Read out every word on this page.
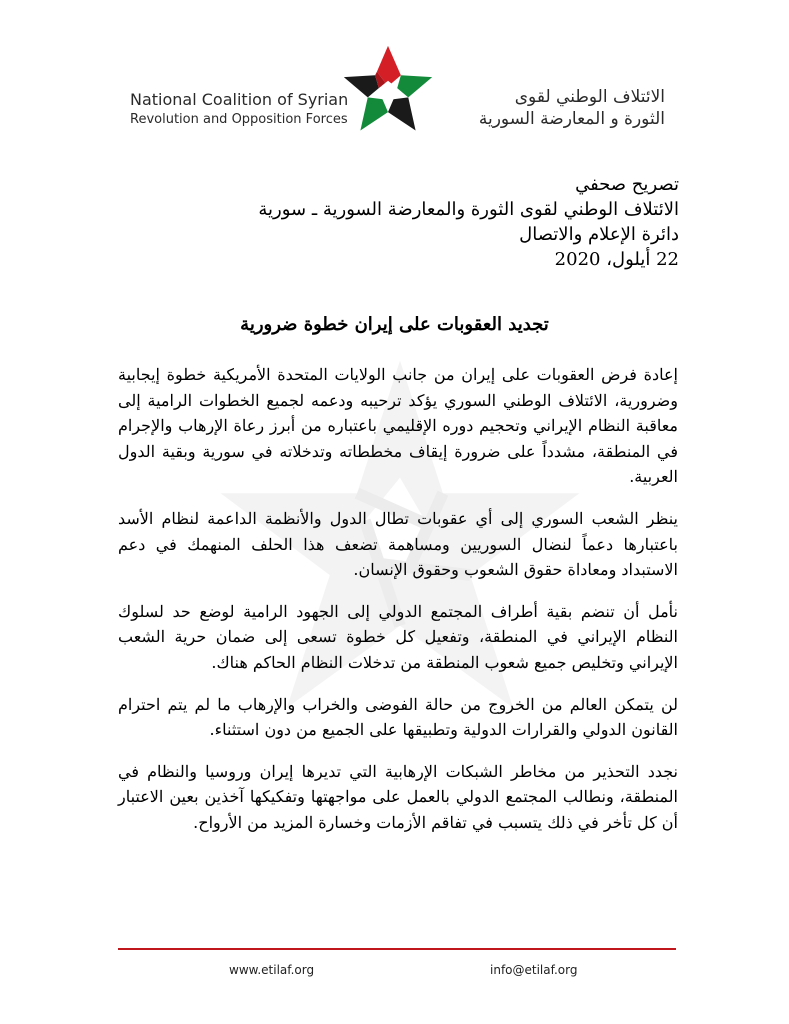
National Coalition of Syrian
Revolution and Opposition Forces
الائتلاف الوطني لقوى
الثورة و المعارضة السورية
تصريح صحفي
الائتلاف الوطني لقوى الثورة والمعارضة السورية ـ سورية
دائرة الإعلام والاتصال
22 أيلول، 2020
تجديد العقوبات على إيران خطوة ضرورية

إعادة فرض العقوبات على إيران من جانب الولايات المتحدة الأمريكية خطوة إيجابية وضرورية، الائتلاف الوطني السوري يؤكد ترحيبه ودعمه لجميع الخطوات الرامية إلى معاقبة النظام الإيراني وتحجيم دوره الإقليمي باعتباره من أبرز رعاة الإرهاب والإجرام في المنطقة، مشدداً على ضرورة إيقاف مخططاته وتدخلاته في سورية وبقية الدول العربية.

ينظر الشعب السوري إلى أي عقوبات تطال الدول والأنظمة الداعمة لنظام الأسد باعتبارها دعماً لنضال السوريين ومساهمة تضعف هذا الحلف المنهمك في دعم الاستبداد ومعاداة حقوق الشعوب وحقوق الإنسان.

نأمل أن تنضم بقية أطراف المجتمع الدولي إلى الجهود الرامية لوضع حد لسلوك النظام الإيراني في المنطقة، وتفعيل كل خطوة تسعى إلى ضمان حرية الشعب الإيراني وتخليص جميع شعوب المنطقة من تدخلات النظام الحاكم هناك.

لن يتمكن العالم من الخروج من حالة الفوضى والخراب والإرهاب ما لم يتم احترام القانون الدولي والقرارات الدولية وتطبيقها على الجميع من دون استثناء.

نجدد التحذير من مخاطر الشبكات الإرهابية التي تديرها إيران وروسيا والنظام في المنطقة، ونطالب المجتمع الدولي بالعمل على مواجهتها وتفكيكها آخذين بعين الاعتبار أن كل تأخر في ذلك يتسبب في تفاقم الأزمات وخسارة المزيد من الأرواح.

www.etilaf.org	info@etilaf.org
